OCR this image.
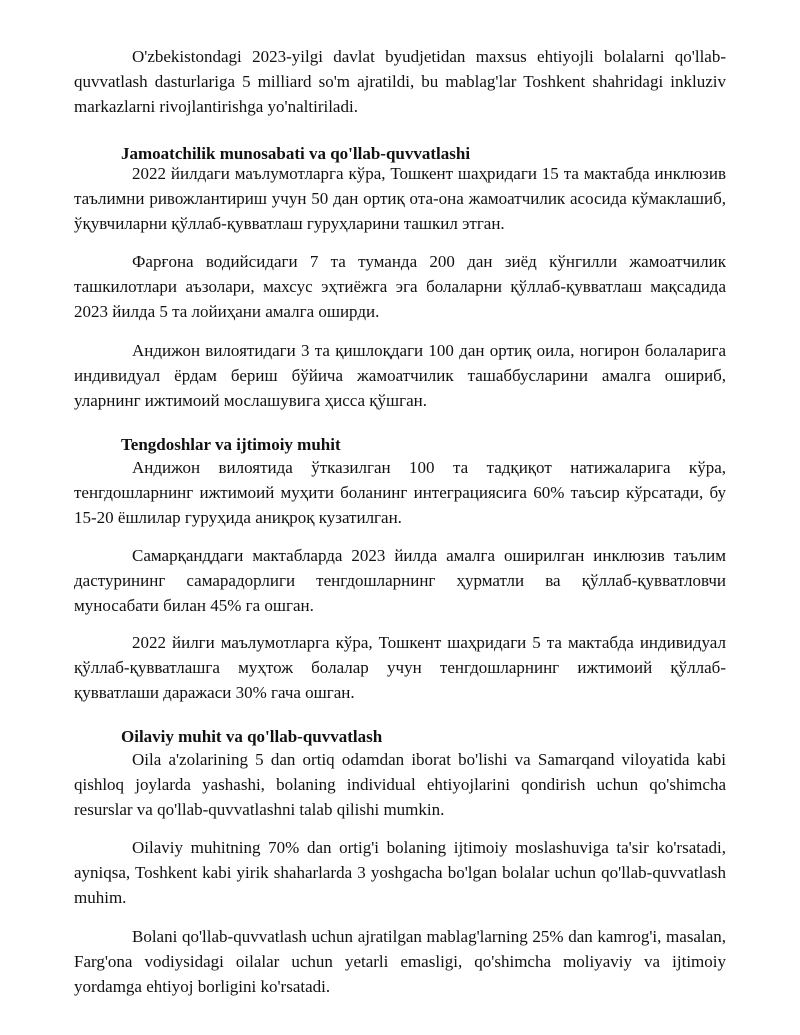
O'zbekistondagi 2023-yilgi davlat byudjetidan maxsus ehtiyojli bolalarni qo'llab-quvvatlash dasturlariga 5 milliard so'm ajratildi, bu mablag'lar Toshkent shahridagi inkluziv markazlarni rivojlantirishga yo'naltiriladi.

Jamoatchilik munosabati va qo'llab-quvvatlashi

2022 йилдаги маълумотларга кўра, Тошкент шаҳридаги 15 та мактабда инклюзив таълимни ривожлантириш учун 50 дан ортиқ ота-она жамоатчилик асосида кўмаклашиб, ўқувчиларни қўллаб-қувватлаш гуруҳларини ташкил этган.

Фарғона водийсидаги 7 та туманда 200 дан зиёд кўнгилли жамоатчилик ташкилотлари аъзолари, махсус эҳтиёжга эга болаларни қўллаб-қувватлаш мақсадида 2023 йилда 5 та лойиҳани амалга оширди.

Андижон вилоятидаги 3 та қишлоқдаги 100 дан ортиқ оила, ногирон болаларига индивидуал ёрдам бериш бўйича жамоатчилик ташаббусларини амалга ошириб, уларнинг ижтимоий мослашувига ҳисса қўшган.

Tengdoshlar va ijtimoiy muhit

Андижон вилоятида ўтказилган 100 та тадқиқот натижаларига кўра, тенгдошларнинг ижтимоий муҳити боланинг интеграциясига 60% таъсир кўрсатади, бу 15-20 ёшлилар гуруҳида аниқроқ кузатилган.

Самарқанддаги мактабларда 2023 йилда амалга оширилган инклюзив таълим дастурининг самарадорлиги тенгдошларнинг ҳурматли ва қўллаб-қувватловчи муносабати билан 45% га ошган.

2022 йилги маълумотларга кўра, Тошкент шаҳридаги 5 та мактабда индивидуал қўллаб-қувватлашга муҳтож болалар учун тенгдошларнинг ижтимоий қўллаб-қувватлаши даражаси 30% гача ошган.

Oilaviy muhit va qo'llab-quvvatlash

Oila a'zolarining 5 dan ortiq odamdan iborat bo'lishi va Samarqand viloyatida kabi qishloq joylarda yashashi, bolaning individual ehtiyojlarini qondirish uchun qo'shimcha resurslar va qo'llab-quvvatlashni talab qilishi mumkin.

Oilaviy muhitning 70% dan ortig'i bolaning ijtimoiy moslashuviga ta'sir ko'rsatadi, ayniqsa, Toshkent kabi yirik shaharlarda 3 yoshgacha bo'lgan bolalar uchun qo'llab-quvvatlash muhim.

Bolani qo'llab-quvvatlash uchun ajratilgan mablag'larning 25% dan kamrog'i, masalan, Farg'ona vodiysidagi oilalar uchun yetarli emasligi, qo'shimcha moliyaviy va ijtimoiy yordamga ehtiyoj borligini ko'rsatadi.
